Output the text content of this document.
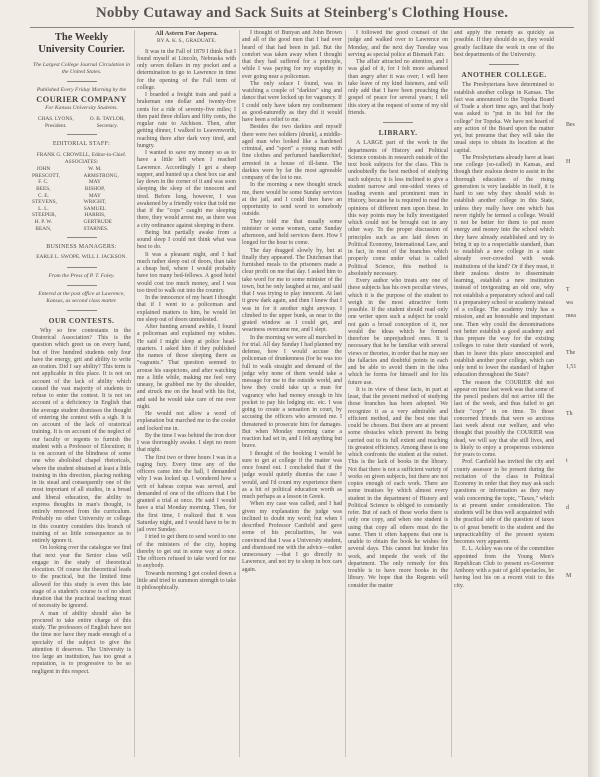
Nobby Cutaway and Sack Suits at Steinberg's Clothing House.
The Weekly University Courier.
The Largest College Journal Circulation in the United States.
Published Every Friday Morning by the
COURIER COMPANY
For Kansas University Students.
CHAS. LYONS, President.
O. B. TAYLOR, Secretary.
EDITORIAL STAFF:
FRANK G. CROWELL, Editor-in-Chief.
ASSOCIATES:
JOHN PRESCOTT,
F. C. BEES,
C. E. STEVENS,
L. L. STEEPER,
H. P. W. BEAN,
W. M. ARMSTRONG,
MAY BISHOP,
MAY WRIGHT,
SAMUEL HARRIS,
GERTRUDE STARNES.
BUSINESS MANAGERS:
EARLE L. SWOPE. WILL J. JACKSON.
From the Press of P. T. Foley.
Entered at the post office at Lawrence, Kansas, as second class matter.
OUR CONTESTS.

Why so few contestants in the Oratorical Association? This is the question which greet us on every hand, but of five hundred students only four have the energy, grit and ability to write an oration. Did I say ability? This term is not applicable in this place. It is not on account of the lack of ability which caused the vast majority of students to refuse to enter the contest. It is not on account of a deficiency in English that the average student dismisses the thought of entering the contest with a sigh. It is on account of the lack of oratorical training. It is on account of the neglect of our faculty or regents to furnish the student with a Professor of Elocution; it is on account of the blindness of some one who abolished chapel rhetoricals, where the student obtained at least a little training in this direction, placing nothing in its stead and consequently one of the most important of all studies, in a broad and liberal education, the ability to express thoughts in man's thought, is entirely removed from the curriculum. Probably no other University or college in this country considers this branch of training of so little consequence as to entirely ignore it.

On looking over the catalogue we find that next year the Senior class will engage in the study of theoretical elocution. Of course the theoretical leads to the practical, but the limited time allowed for this study is even this late stage of a student's course is of no short duration that the practical teaching must of necessity be ignored.

A man of ability should also be procured to take entire charge of this study. The professors of English have not the time nor have they made enough of a specialty of the subject to give the attention it deserves. The University is too large an institution, has too great a reputation, is to progressive to be so negligent in this respect.

All Astern For Aspera.
BY A. K. S., GRADUATE.

It was in the Fall of 1879 I think that I found myself at Lincoln, Nebraska with only seven dollars in my pocket and a determination to go to Lawrence in time for the opening of the Fall term of college.

I boarded a freight train and paid a brakeman one dollar and twenty-five cents for a ride of seventy-five miles; I then paid three dollars and fifty cents, the regular rate to Atchison. Then, after getting dinner, I walked to Leavenworth, reaching there after dark very tired, and hungry.

I wanted to save my money so as to have a little left when I reached Lawrence. Accordingly I got a sheep supper, and hunted up a chest box car and lay down in the corner of it and was soon sleeping the sleep of the innocent and tired. Before long, however, I was awakened by a friendly voice that told me that if the "cops" caught me sleeping there, they would arrest me, as there was a city ordinance against sleeping in there.

Being but partially awake from a sound sleep I could not think what was best to do.

It was a pleasant night, and I had much rather sleep out of doors, than take a cheap bed, where I would probably have too many bed-fellows. A good hotel would cost too much money, and I was too tired to walk out into the country.

In the innocence of my heart I thought that if I went to a policeman and explained matters to him, he would let me sleep out of doors unmolested.

After hunting around awhile, I found a policeman and explained my wishes. He said I might sleep at police head-quarters. I asked him if they published the names of those sleeping there as "vagrants." That question seemed to arouse his suspicions, and after watching me a little while, making me feel very uneasy, he grabbed me by the shoulder, and struck me on the head with his fist, and said he would take care of me over night.

He would not allow a word of explanation but marched me to the cooler and locked me in.

By the time I was behind the iron door I was thoroughly awake. I slept no more that night.

The first two or three hours I was in a raging fury. Every time any of the officers came into the hall, I demanded why I was locked up. I wondered how a writ of habeas corpus was served, and demanded of one of the officers that I be granted a trial at once. He said I would have a trial Monday morning. Then, for the first time, I realized that it was Saturday night, and I would have to be in jail over Sunday.

I tried to get them to send word to one of the ministers of the city, hoping thereby to get out in some way at once. The officers refused to take word for me to anybody.

Towards morning I got cooled down a little and tried to summon strength to take it philosophically.

I thought of Bunyan and John Brown and all of the good men that I had ever heard of that had been in jail. But the comfort was taken away when I thought that they had suffered for a principle, while I was paying for my stupidity in ever going near a policeman.

The only solace I found, was in watching a couple of "darkies" sing and dance that were locked up for vagrancy. If I could only have taken my confinement as good-naturedly as they did it would have been a relief to me.

Besides the two darkies and myself there were two soldiers (drunk), a middle-aged man who looked like a hardened criminal, and "sport" a young man with fine clothes and perfumed handkerchief, arrested in a house of ill-fame. The darkies were by far the most agreeable company of the lot to me.

In the morning a new thought struck me, there would be some Sunday services at the jail, and I could then have an opportunity to send word to somebody outside.

They told me that usually some minister or some women, came Sunday afternoon, and held services there. How I longed for the hour to come.

The day dragged slowly by, but at finally they appeared. The Dutchman that furnished meals to the prisoners made a clear profit on me that day. I asked him to take word for me to some minister of the town, but he only laughed at me, and said that I was trying to play innocent. At last it grew dark again, and then I knew that I was in for it another night anyway. I climbed to the upper bunk, as near to the grated window as I could get, and weariness overcame me, and I slept.

In the morning we were all marched in for trial. All day Sunday I had planned my defense, how I would accuse the policeman of drunkenness (for he was too full to walk straight and demand of the judge why none of them would take a message for me to the outside world, and how they could take up a man for vagrancy who had money enough in his pocket to pay his lodging etc. etc. I was going to create a sensation in court, by accusing the officers who arrested me. I threatened to prosecute him for damages. But when Monday morning came a reaction had set in, and I felt anything but brave.

I thought of the booking I would be sure to get at college if the matter was once found out. I concluded that if the judge would quietly dismiss the case I would, and I'd count my experience there as a bit of political education worth as much perhaps as a lesson in Greek.

When my case was called, and I had given my explanation the judge was inclined to doubt my word; but when I described Professor Canfield and gave some of his peculiarities, he was convinced that I was a University student, and dismissed me with the advice—rather unnecessary —that I go directly to Lawrence, and not try to sleep in box cars again.

I followed the good counsel of the judge and walked over to Lawrence on Monday, and the next day Tuesday was serving as special police at Bismark Fair.

The affair attracted no attention, and I was glad of it, for I felt more ashamed than angry after it was over; I will here take leave of my kind listeners, and will only add that I have been preaching the gospel of peace for several years; I tell this story at the request of some of my old friends.

LIBRARY.

A LARGE part of the work in the departments of History and Political Science consists in research outside of the text book subjects for the class. This is undoubtedly the best method of studying such subjects; it is less inclined to give a student narrow and one-sided views of leading events and prominent men in History, because he is required to read the opinions of different men upon these. In this way points may be fully investigated which could not be brought out in any other way. To the proper discussion of principles such as are laid down in Political Economy, International Law, and in fact, in most of the branches which properly come under what is called Political Science, this method is absolutely necessary.

Every author who treats any one of these subjects has his own peculiar views, which it is the purpose of the student to weigh in the most attractive form possible. If the student should read only one writer upon such a subject he could not gain a broad conception of it, nor would the ideas which he formed therefore be unprejudiced ones. It is necessary that he be familiar with several views or theories, in order that he may see the fallacies and doubtful points in each and be able to avoid them in the idea which he forms for himself and for his future use.

It is in view of these facts, in part at least, that the present method of studying those branches has been adopted. We recognize it as a very admirable and efficient method, and the best one that could be chosen. But there are at present some obstacles which prevent its being carried out to its full extent and reaching its greatest efficiency. Among these is one which confronts the student at the outset. This is the lack of books in the library. Not that there is not a sufficient variety of works on given subjects, but there are not copies enough of each work. There are some treatises by which almost every student in the department of History and Political Science is obliged to constantly refer. But of each of these works there is only one copy, and when one student is using that copy all others must do the same. Then it often happens that one is unable to obtain the book he wishes for several days. This cannot but hinder his work, and impede the work of the department. The only remedy for this trouble is to have more books in the library. We hope that the Regents will consider the matter

and apply the remedy as quickly as possible. If they should do so, they would greatly facilitate the work in one of the best departments of the University.

ANOTHER COLLEGE.

The Presbyterians have determined to establish another college in Kansas. The fact was announced to the Topeka Board of Trade a short time ago, and that body was asked to "put in its bid for the college" for Topeka. We have not heard of any action of the Board upon the matter yet, but presume that they will take the usual steps to obtain its location at the capital.

The Presbyterians already have at least one college (so-called) in Kansas, and though their zealous desire to assist in the thorough education of the rising generation is very laudable in itself, it is hard to see why they should wish to establish another college in this State, unless they really have one which has never rightly be termed a college. Would it not be better for them to put more energy and money into the school which they have already established and try to bring it up to a respectable standard, than to establish a new college in a state already over-crowded with weak institutions of the kind? Or if they must, it their zealous desire to disseminate learning, establish a new institution instead of invigorating an old one, why not establish a preparatory school and call it a preparatory school or academy instead of a college. The academy truly has a mission, and an honorable and important one. Then why could the denominations not better establish a good academy and thus prepare the way for the existing colleges to raise their standard of work, than to leave this place unoccupied and establish another poor college, which can only tend to lower the standard of higher education throughout the State?

The reason the COURIER did not appear on time last week was that some of the pencil pushers did not arrive till the last of the week, and thus failed to get their "copy" in on time. To those concerned friends that were so anxious last week about our welfare, and who thought that possibly the COURIER was dead, we will say that she still lives, and is likely to enjoy a prosperous existence for years to come.

Prof. Canfield has invited the city and county assessor to be present during the recitation of the class in Political Economy in order that they may ask such questions or information as they may wish concerning the topic, "Taxes," which is at present under consideration. The students will be thus well acquainted with the practical side of the question of taxes is of great benefit to the student and the unpracticability of the present system becomes very apparent.

E. L. Ackley was one of the committee appointed from the Young Men's Republican Club to present ex-Governor Anthony with a pair of gold spectacles, he having lost his on a recent visit to this city.

Bes
H
T
wa
mea
The
1,51
Th
t
d
M
